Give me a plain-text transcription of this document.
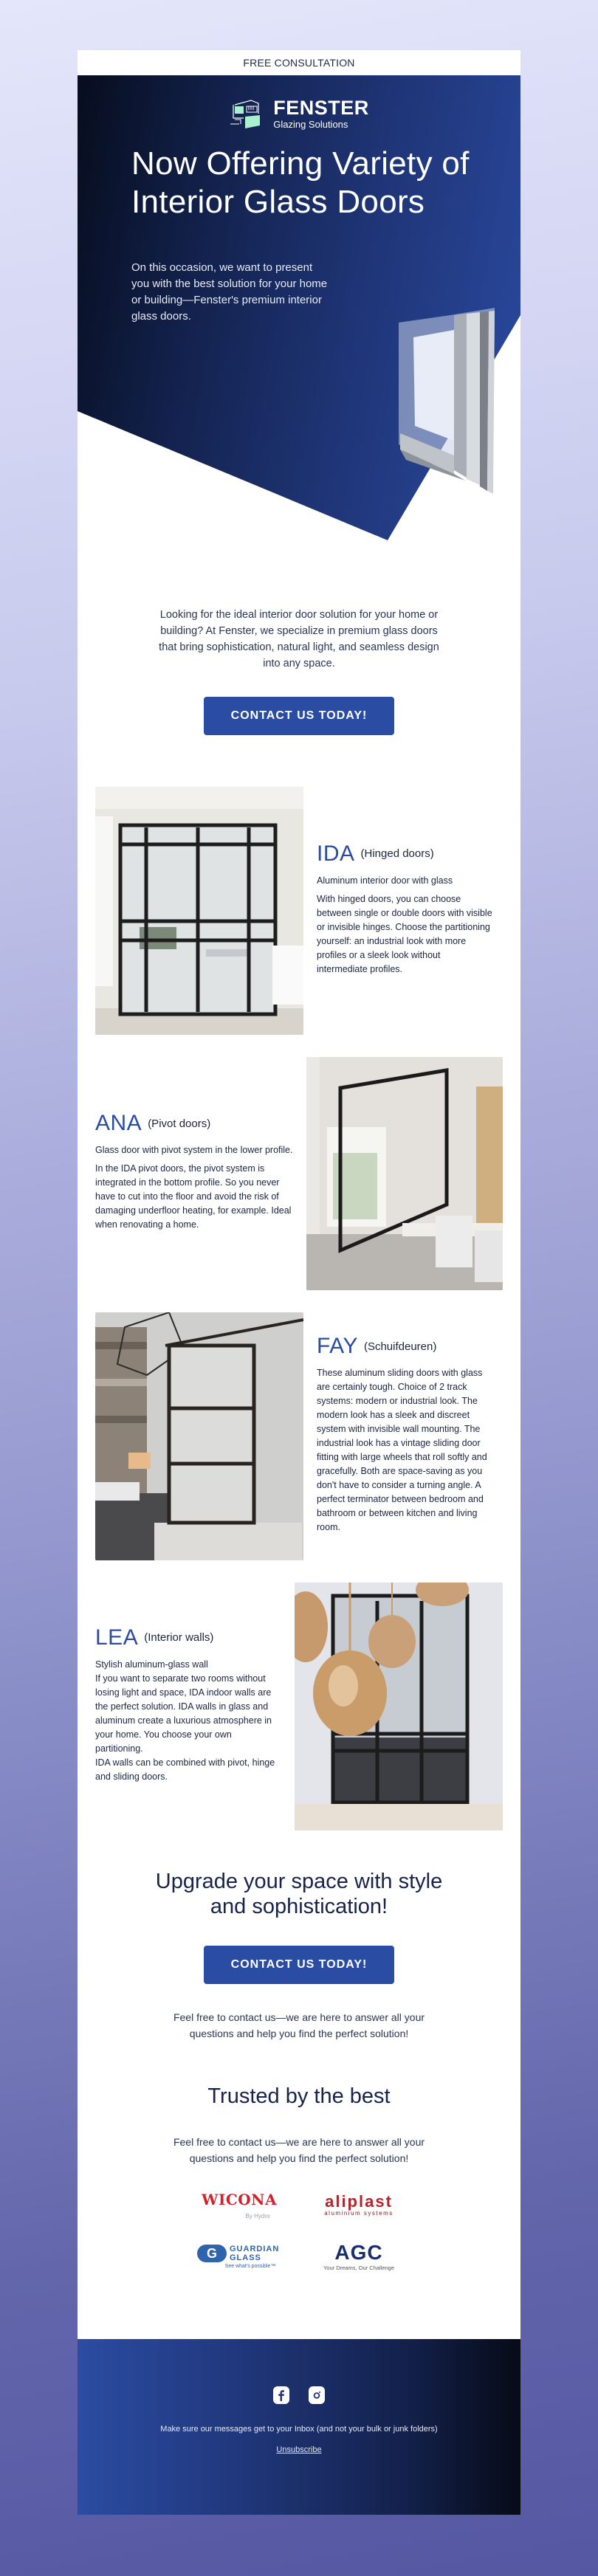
FREE CONSULTATION
FENSTER
Glazing Solutions
Now Offering Variety of Interior Glass Doors

On this occasion, we want to present you with the best solution for your home or building—Fenster's premium interior glass doors.

Looking for the ideal interior door solution for your home or building? At Fenster, we specialize in premium glass doors that bring sophistication, natural light, and seamless design into any space.

CONTACT US TODAY!
IDA (Hinged doors)

Aluminum interior door with glass

With hinged doors, you can choose between single or double doors with visible or invisible hinges. Choose the partitioning yourself: an industrial look with more profiles or a sleek look without intermediate profiles.

ANA (Pivot doors)

Glass door with pivot system in the lower profile.

In the IDA pivot doors, the pivot system is integrated in the bottom profile. So you never have to cut into the floor and avoid the risk of damaging underfloor heating, for example. Ideal when renovating a home.

FAY (Schuifdeuren)

These aluminum sliding doors with glass are certainly tough. Choice of 2 track systems: modern or industrial look. The modern look has a sleek and discreet system with invisible wall mounting. The industrial look has a vintage sliding door fitting with large wheels that roll softly and gracefully. Both are space-saving as you don't have to consider a turning angle. A perfect terminator between bedroom and bathroom or between kitchen and living room.

LEA (Interior walls)

Stylish aluminum-glass wall

If you want to separate two rooms without losing light and space, IDA indoor walls are the perfect solution. IDA walls in glass and aluminum create a luxurious atmosphere in your home. You choose your own partitioning.
IDA walls can be combined with pivot, hinge and sliding doors.

Upgrade your space with style and sophistication!
CONTACT US TODAY!

Feel free to contact us—we are here to answer all your questions and help you find the perfect solution!

Trusted by the best

Feel free to contact us—we are here to answer all your questions and help you find the perfect solution!

WICONA
By Hydro
aliplast
aluminium systems
G	GUARDIAN GLASS
See what's possible™
AGC
Your Dreams, Our Challenge

Make sure our messages get to your Inbox (and not your bulk or junk folders)

Unsubscribe
